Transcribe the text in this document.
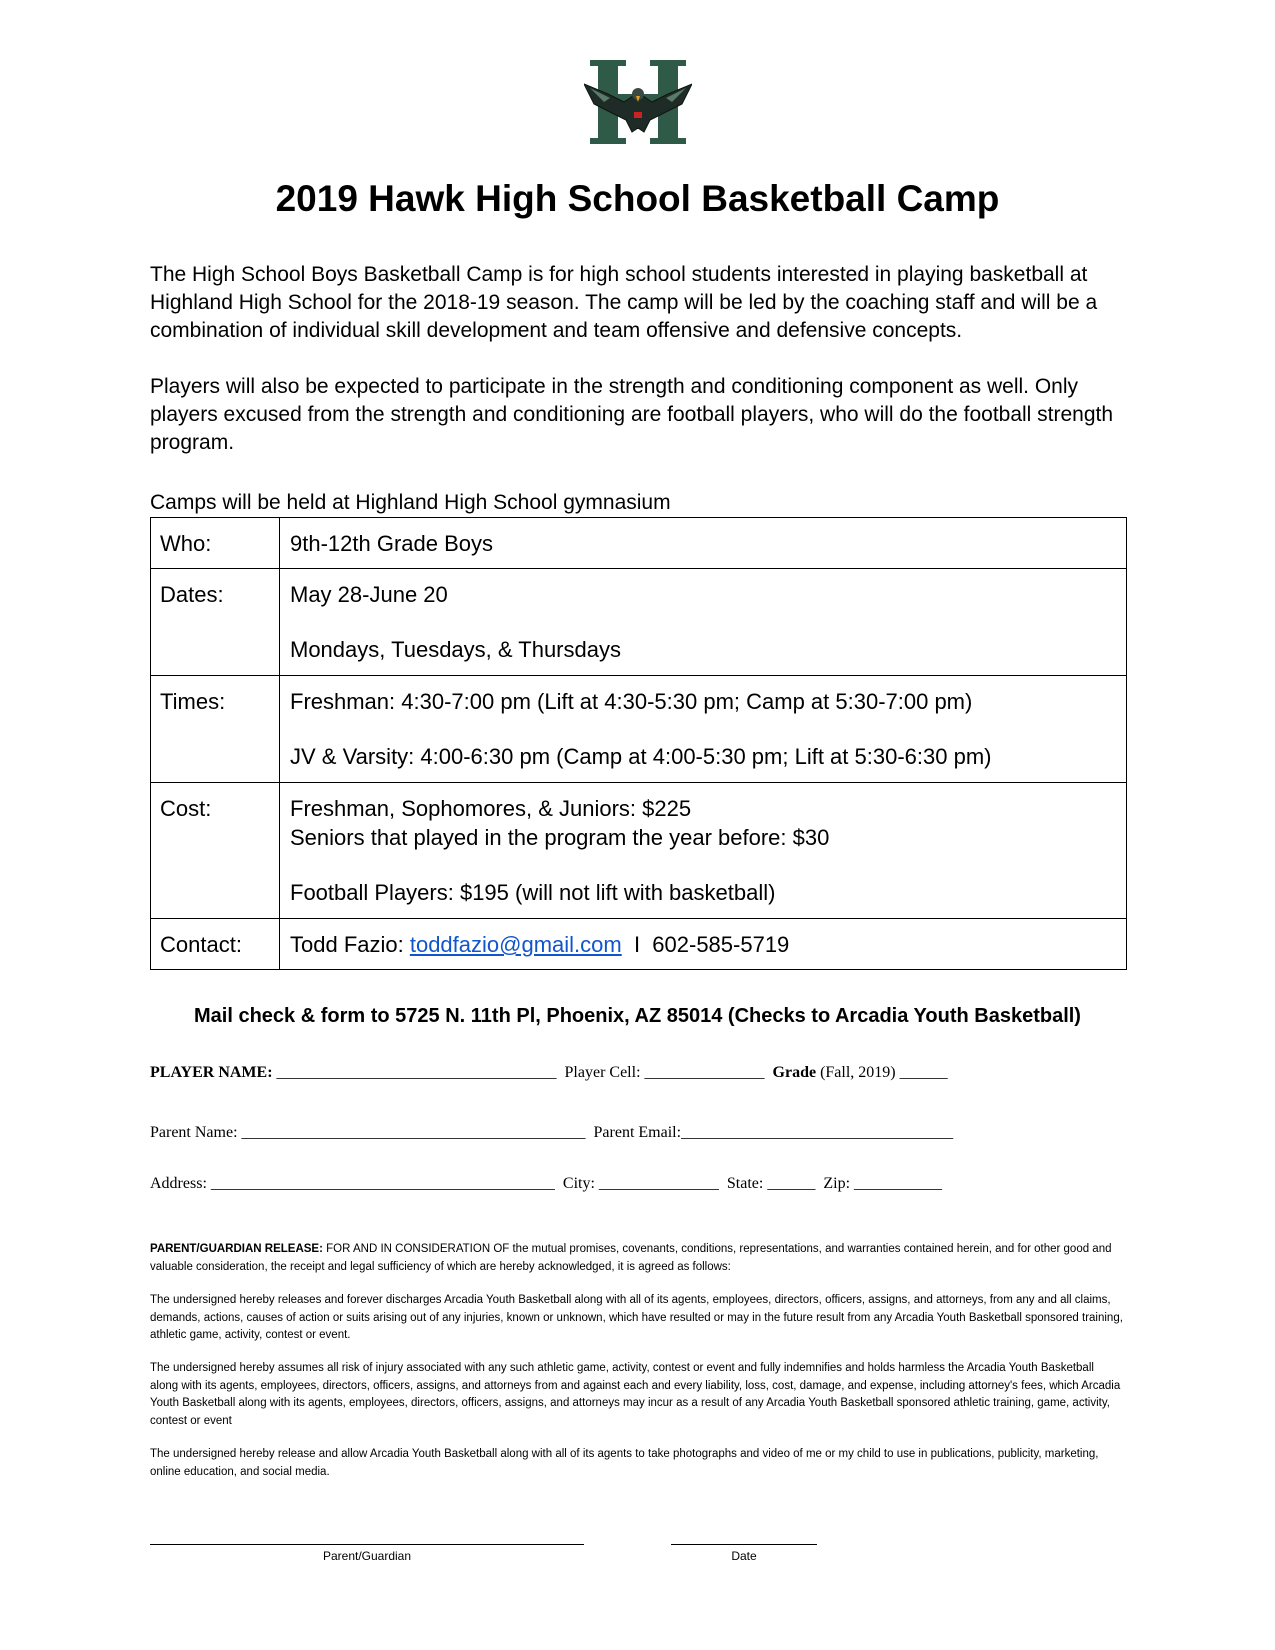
2019 Hawk High School Basketball Camp

The High School Boys Basketball Camp is for high school students interested in playing basketball at Highland High School for the 2018-19 season. The camp will be led by the coaching staff and will be a combination of individual skill development and team offensive and defensive concepts.

Players will also be expected to participate in the strength and conditioning component as well. Only players excused from the strength and conditioning are football players, who will do the football strength program.

Camps will be held at Highland High School gymnasium

Who:	9th-12th Grade Boys

Dates:	May 28-June 20
Mondays, Tuesdays, & Thursdays

Times:	Freshman: 4:30-7:00 pm (Lift at 4:30-5:30 pm; Camp at 5:30-7:00 pm)
JV & Varsity: 4:00-6:30 pm (Camp at 4:00-5:30 pm; Lift at 5:30-6:30 pm)

Cost:	Freshman, Sophomores, & Juniors: $225
Seniors that played in the program the year before: $30
Football Players: $195 (will not lift with basketball)

Contact:	Todd Fazio: toddfazio@gmail.com  I  602-585-5719
Mail check & form to 5725 N. 11th Pl, Phoenix, AZ 85014 (Checks to Arcadia Youth Basketball)
PLAYER NAME: ___________________________________  Player Cell: _______________  Grade (Fall, 2019) ______
Parent Name: ___________________________________________  Parent Email:__________________________________
Address: ___________________________________________  City: _______________  State: ______  Zip: ___________

PARENT/GUARDIAN RELEASE: FOR AND IN CONSIDERATION OF the mutual promises, covenants, conditions, representations, and warranties contained herein, and for other good and valuable consideration, the receipt and legal sufficiency of which are hereby acknowledged, it is agreed as follows:

The undersigned hereby releases and forever discharges Arcadia Youth Basketball along with all of its agents, employees, directors, officers, assigns, and attorneys, from any and all claims, demands, actions, causes of action or suits arising out of any injuries, known or unknown, which have resulted or may in the future result from any Arcadia Youth Basketball sponsored training, athletic game, activity, contest or event.

The undersigned hereby assumes all risk of injury associated with any such athletic game, activity, contest or event and fully indemnifies and holds harmless the Arcadia Youth Basketball along with its agents, employees, directors, officers, assigns, and attorneys from and against each and every liability, loss, cost, damage, and expense, including attorney's fees, which Arcadia Youth Basketball along with its agents, employees, directors, officers, assigns, and attorneys may incur as a result of any Arcadia Youth Basketball sponsored athletic training, game, activity, contest or event

The undersigned hereby release and allow Arcadia Youth Basketball along with all of its agents to take photographs and video of me or my child to use in publications, publicity, marketing, online education, and social media.

Parent/Guardian	Date
